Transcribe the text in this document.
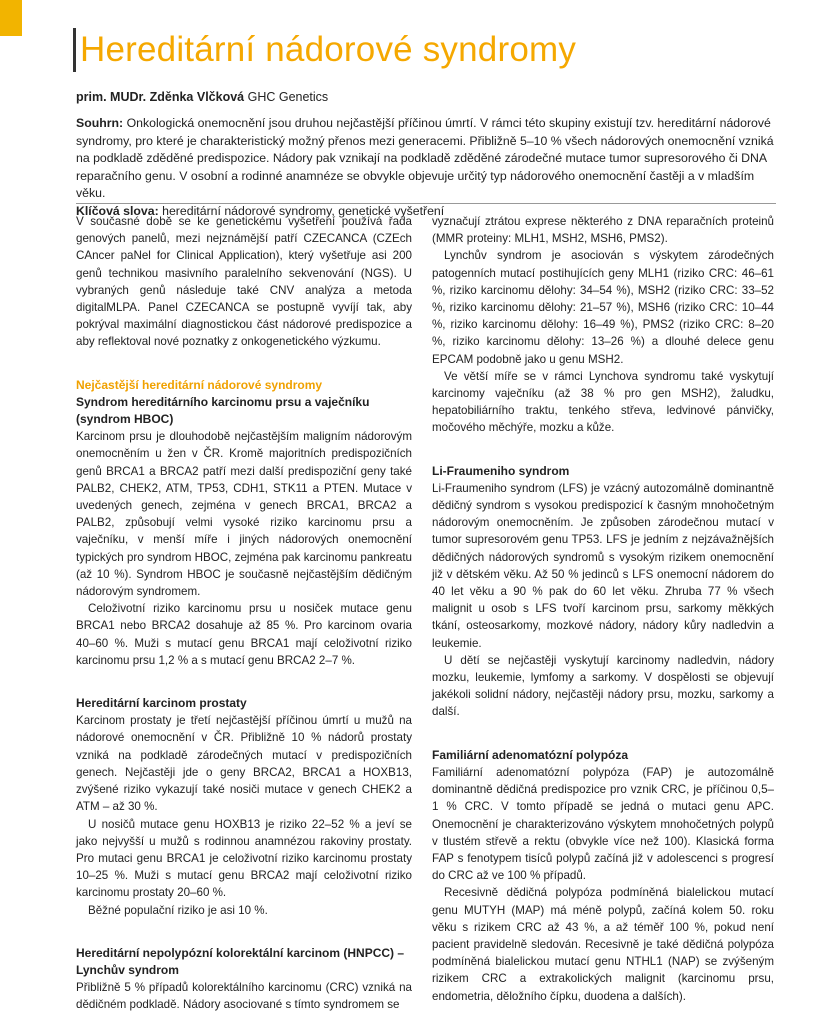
Hereditární nádorové syndromy
prim. MUDr. Zděnka Vlčková GHC Genetics

Souhrn: Onkologická onemocnění jsou druhou nejčastější příčinou úmrtí. V rámci této skupiny existují tzv. hereditární nádorové syndromy, pro které je charakteristický možný přenos mezi generacemi. Přibližně 5–10 % všech nádorových onemocnění vzniká na podkladě zděděné predispozice. Nádory pak vznikají na podkladě zděděné zárodečné mutace tumor supresorového či DNA reparačního genu. V osobní a rodinné anamnéze se obvykle objevuje určitý typ nádorového onemocnění častěji a v mladším věku.

Klíčová slova: hereditární nádorové syndromy, genetické vyšetření

V současné době se ke genetickému vyšetření používá řada genových panelů, mezi nejznámější patří CZECANCA (CZEch CAncer paNel for Clinical Application), který vyšetřuje asi 200 genů technikou masivního paralelního sekvenování (NGS). U vybraných genů následuje také CNV analýza a metoda digitalMLPA. Panel CZECANCA se postupně vyvíjí tak, aby pokrýval maximální diagnostickou část nádorové predispozice a aby reflektoval nové poznatky z onkogenetického výzkumu.

Nejčastější hereditární nádorové syndromy
Syndrom hereditárního karcinomu prsu a vaječníku (syndrom HBOC)

Karcinom prsu je dlouhodobě nejčastějším maligním nádorovým onemocněním u žen v ČR. Kromě majoritních predispozičních genů BRCA1 a BRCA2 patří mezi další predispoziční geny také PALB2, CHEK2, ATM, TP53, CDH1, STK11 a PTEN. Mutace v uvedených genech, zejména v genech BRCA1, BRCA2 a PALB2, způsobují velmi vysoké riziko karcinomu prsu a vaječníku, v menší míře i jiných nádorových onemocnění typických pro syndrom HBOC, zejména pak karcinomu pankreatu (až 10 %). Syndrom HBOC je současně nejčastějším dědičným nádorovým syndromem.

Celoživotní riziko karcinomu prsu u nosiček mutace genu BRCA1 nebo BRCA2 dosahuje až 85 %. Pro karcinom ovaria 40–60 %. Muži s mutací genu BRCA1 mají celoživotní riziko karcinomu prsu 1,2 % a s mutací genu BRCA2 2–7 %.

Hereditární karcinom prostaty

Karcinom prostaty je třetí nejčastější příčinou úmrtí u mužů na nádorové onemocnění v ČR. Přibližně 10 % nádorů prostaty vzniká na podkladě zárodečných mutací v predispozičních genech. Nejčastěji jde o geny BRCA2, BRCA1 a HOXB13, zvýšené riziko vykazují také nosiči mutace v genech CHEK2 a ATM – až 30 %.

U nosičů mutace genu HOXB13 je riziko 22–52 % a jeví se jako nejvyšší u mužů s rodinnou anamnézou rakoviny prostaty. Pro mutaci genu BRCA1 je celoživotní riziko karcinomu prostaty 10–25 %. Muži s mutací genu BRCA2 mají celoživotní riziko karcinomu prostaty 20–60 %.

Běžné populační riziko je asi 10 %.

Hereditární nepolypózní kolorektální karcinom (HNPCC) – Lynchův syndrom

Přibližně 5 % případů kolorektálního karcinomu (CRC) vzniká na dědičném podkladě. Nádory asociované s tímto syndromem se

vyznačují ztrátou exprese některého z DNA reparačních proteinů (MMR proteiny: MLH1, MSH2, MSH6, PMS2).

Lynchův syndrom je asociován s výskytem zárodečných patogenních mutací postihujících geny MLH1 (riziko CRC: 46–61 %, riziko karcinomu dělohy: 34–54 %), MSH2 (riziko CRC: 33–52 %, riziko karcinomu dělohy: 21–57 %), MSH6 (riziko CRC: 10–44 %, riziko karcinomu dělohy: 16–49 %), PMS2 (riziko CRC: 8–20 %, riziko karcinomu dělohy: 13–26 %) a dlouhé delece genu EPCAM podobně jako u genu MSH2.

Ve větší míře se v rámci Lynchova syndromu také vyskytují karcinomy vaječníku (až 38 % pro gen MSH2), žaludku, hepatobiliárního traktu, tenkého střeva, ledvinové pánvičky, močového měchýře, mozku a kůže.

Li-Fraumeniho syndrom

Li-Fraumeniho syndrom (LFS) je vzácný autozomálně dominantně dědičný syndrom s vysokou predispozicí k časným mnohočetným nádorovým onemocněním. Je způsoben zárodečnou mutací v tumor supresorovém genu TP53. LFS je jedním z nejzávažnějších dědičných nádorových syndromů s vysokým rizikem onemocnění již v dětském věku. Až 50 % jedinců s LFS onemocní nádorem do 40 let věku a 90 % pak do 60 let věku. Zhruba 77 % všech malignit u osob s LFS tvoří karcinom prsu, sarkomy měkkých tkání, osteosarkomy, mozkové nádory, nádory kůry nadledvin a leukemie.

U dětí se nejčastěji vyskytují karcinomy nadledvin, nádory mozku, leukemie, lymfomy a sarkomy. V dospělosti se objevují jakékoli solidní nádory, nejčastěji nádory prsu, mozku, sarkomy a další.

Familiární adenomatózní polypóza

Familiární adenomatózní polypóza (FAP) je autozomálně dominantně dědičná predispozice pro vznik CRC, je příčinou 0,5–1 % CRC. V tomto případě se jedná o mutaci genu APC. Onemocnění je charakterizováno výskytem mnohočetných polypů v tlustém střevě a rektu (obvykle více než 100). Klasická forma FAP s fenotypem tisíců polypů začíná již v adolescenci s progresí do CRC až ve 100 % případů.

Recesivně dědičná polypóza podmíněná bialelickou mutací genu MUTYH (MAP) má méně polypů, začíná kolem 50. roku věku s rizikem CRC až 43 %, a až téměř 100 %, pokud není pacient pravidelně sledován. Recesivně je také dědičná polypóza podmíněná bialelickou mutací genu NTHL1 (NAP) se zvýšeným rizikem CRC a extrakolických malignit (karcinomu prsu, endometria, děložního čípku, duodena a dalších).
